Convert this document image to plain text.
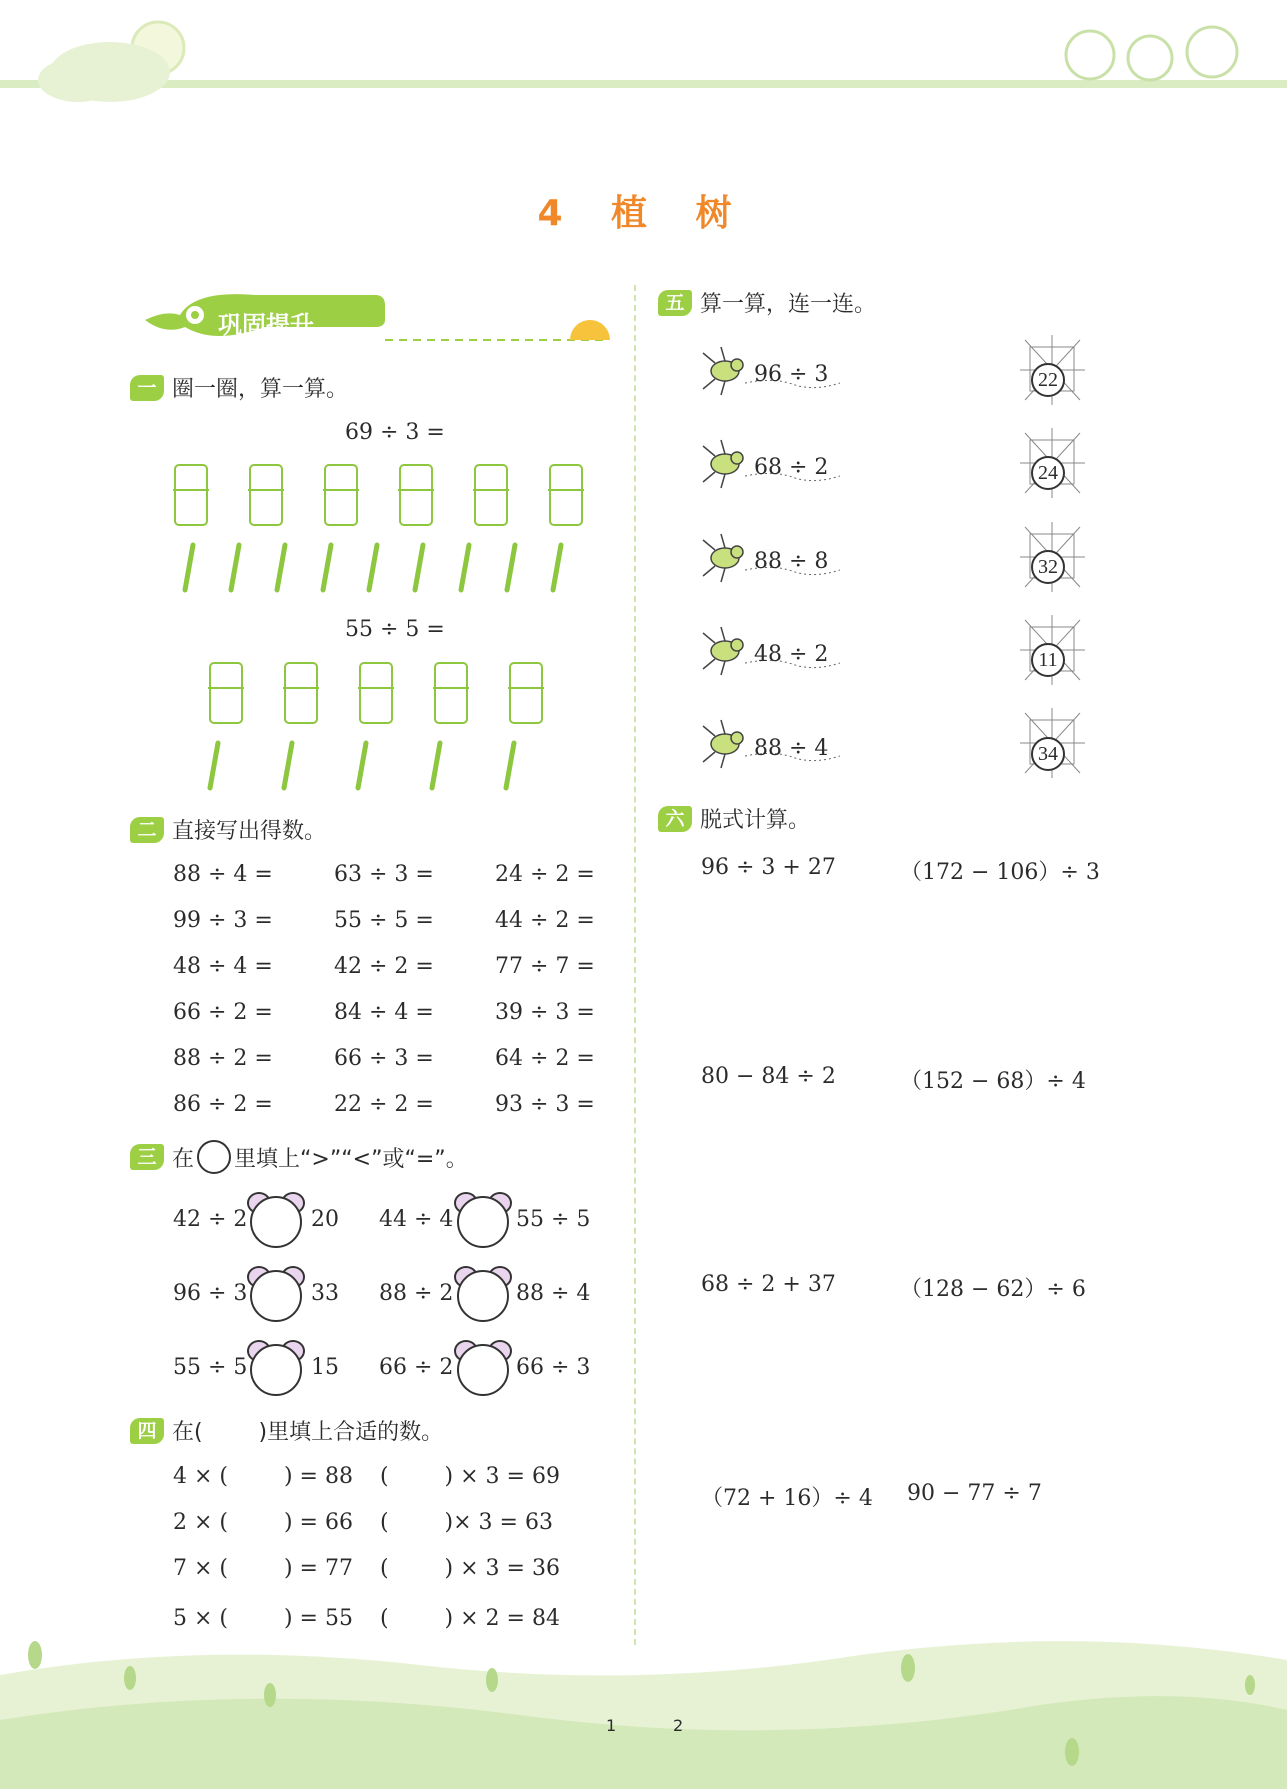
4 植 树
巩固提升
一 圈一圈，算一算。
69 ÷ 3 =
55 ÷ 5 =
二 直接写出得数。
88 ÷ 4 =	63 ÷ 3 =	24 ÷ 2 =
99 ÷ 3 =	55 ÷ 5 =	44 ÷ 2 =
48 ÷ 4 =	42 ÷ 2 =	77 ÷ 7 =
66 ÷ 2 =	84 ÷ 4 =	39 ÷ 3 =
88 ÷ 2 =	66 ÷ 3 =	64 ÷ 2 =
86 ÷ 2 =	22 ÷ 2 =	93 ÷ 3 =
三 在 里填上“>”“<”或“=”。
42 ÷ 2	20 44 ÷ 4	55 ÷ 5
96 ÷ 3	33 88 ÷ 2	88 ÷ 4
55 ÷ 5	15 66 ÷ 2	66 ÷ 3
四 在(        )里填上合适的数。
4 × (        ) = 88 (        ) × 3 = 69
2 × (        ) = 66 (        )× 3 = 63
7 × (        ) = 77 (        ) × 3 = 36
5 × (        ) = 55 (        ) × 2 = 84
五 算一算，连一连。
96 ÷ 3
68 ÷ 2
88 ÷ 8
48 ÷ 2
88 ÷ 4
22
24
32
11
34
六 脱式计算。
96 ÷ 3 + 27	（172 − 106）÷ 3
80 − 84 ÷ 2	（152 − 68）÷ 4
68 ÷ 2 + 37	（128 − 62）÷ 6
（72 + 16）÷ 4 90 − 77 ÷ 7
1	2
